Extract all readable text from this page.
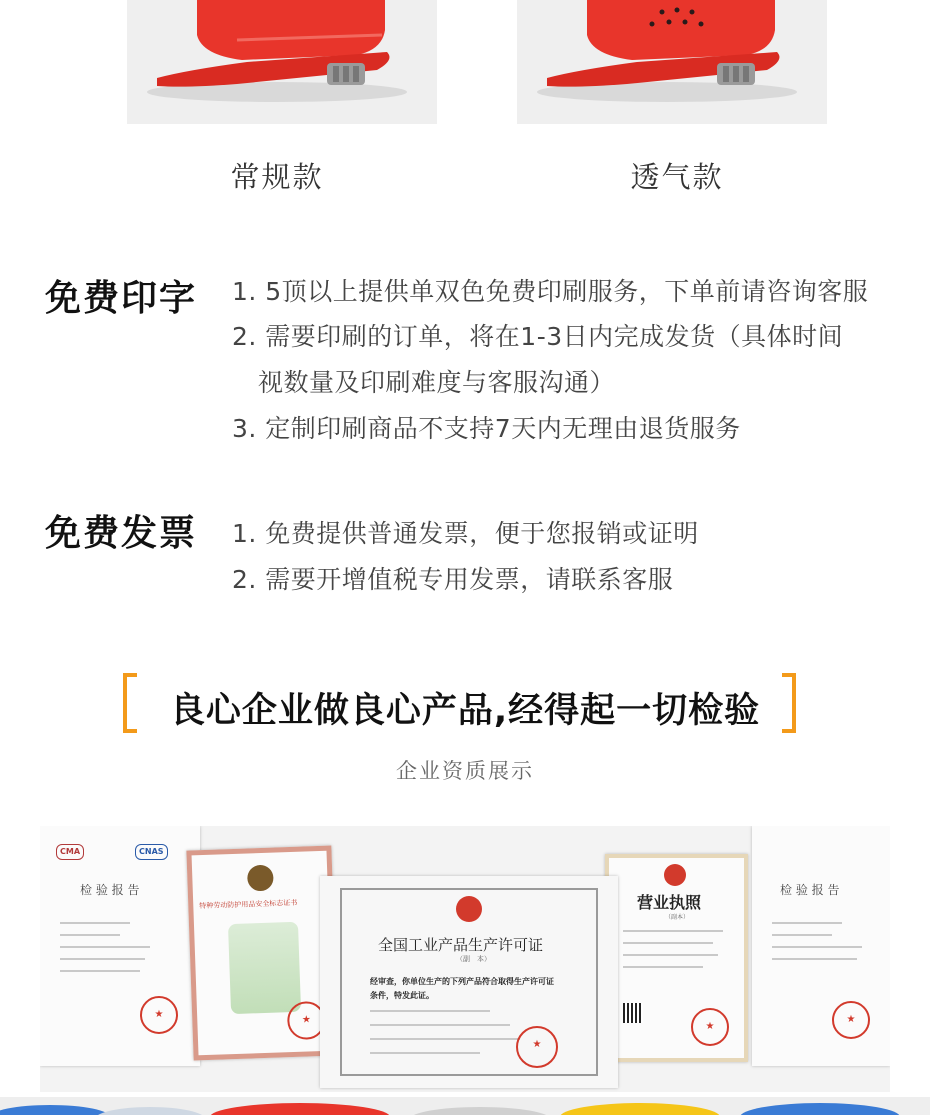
常规款	透气款
免费印字 1. 5顶以上提供单双色免费印刷服务，下单前请咨询客服
2. 需要印刷的订单，将在1-3日内完成发货（具体时间
视数量及印刷难度与客服沟通）
3. 定制印刷商品不支持7天内无理由退货服务
免费发票 1. 免费提供普通发票，便于您报销或证明
2. 需要开增值税专用发票，请联系客服
良心企业做良心产品,经得起一切检验
企业资质展示
CMA	CNAS
检 验 报 告
★
特种劳动防护用品安全标志证书
★
营业执照
（副本）
★
检 验 报 告
★
全国工业产品生产许可证
（副　本）
经审查，你单位生产的下列产品符合取得生产许可证
条件，特发此证。
★
